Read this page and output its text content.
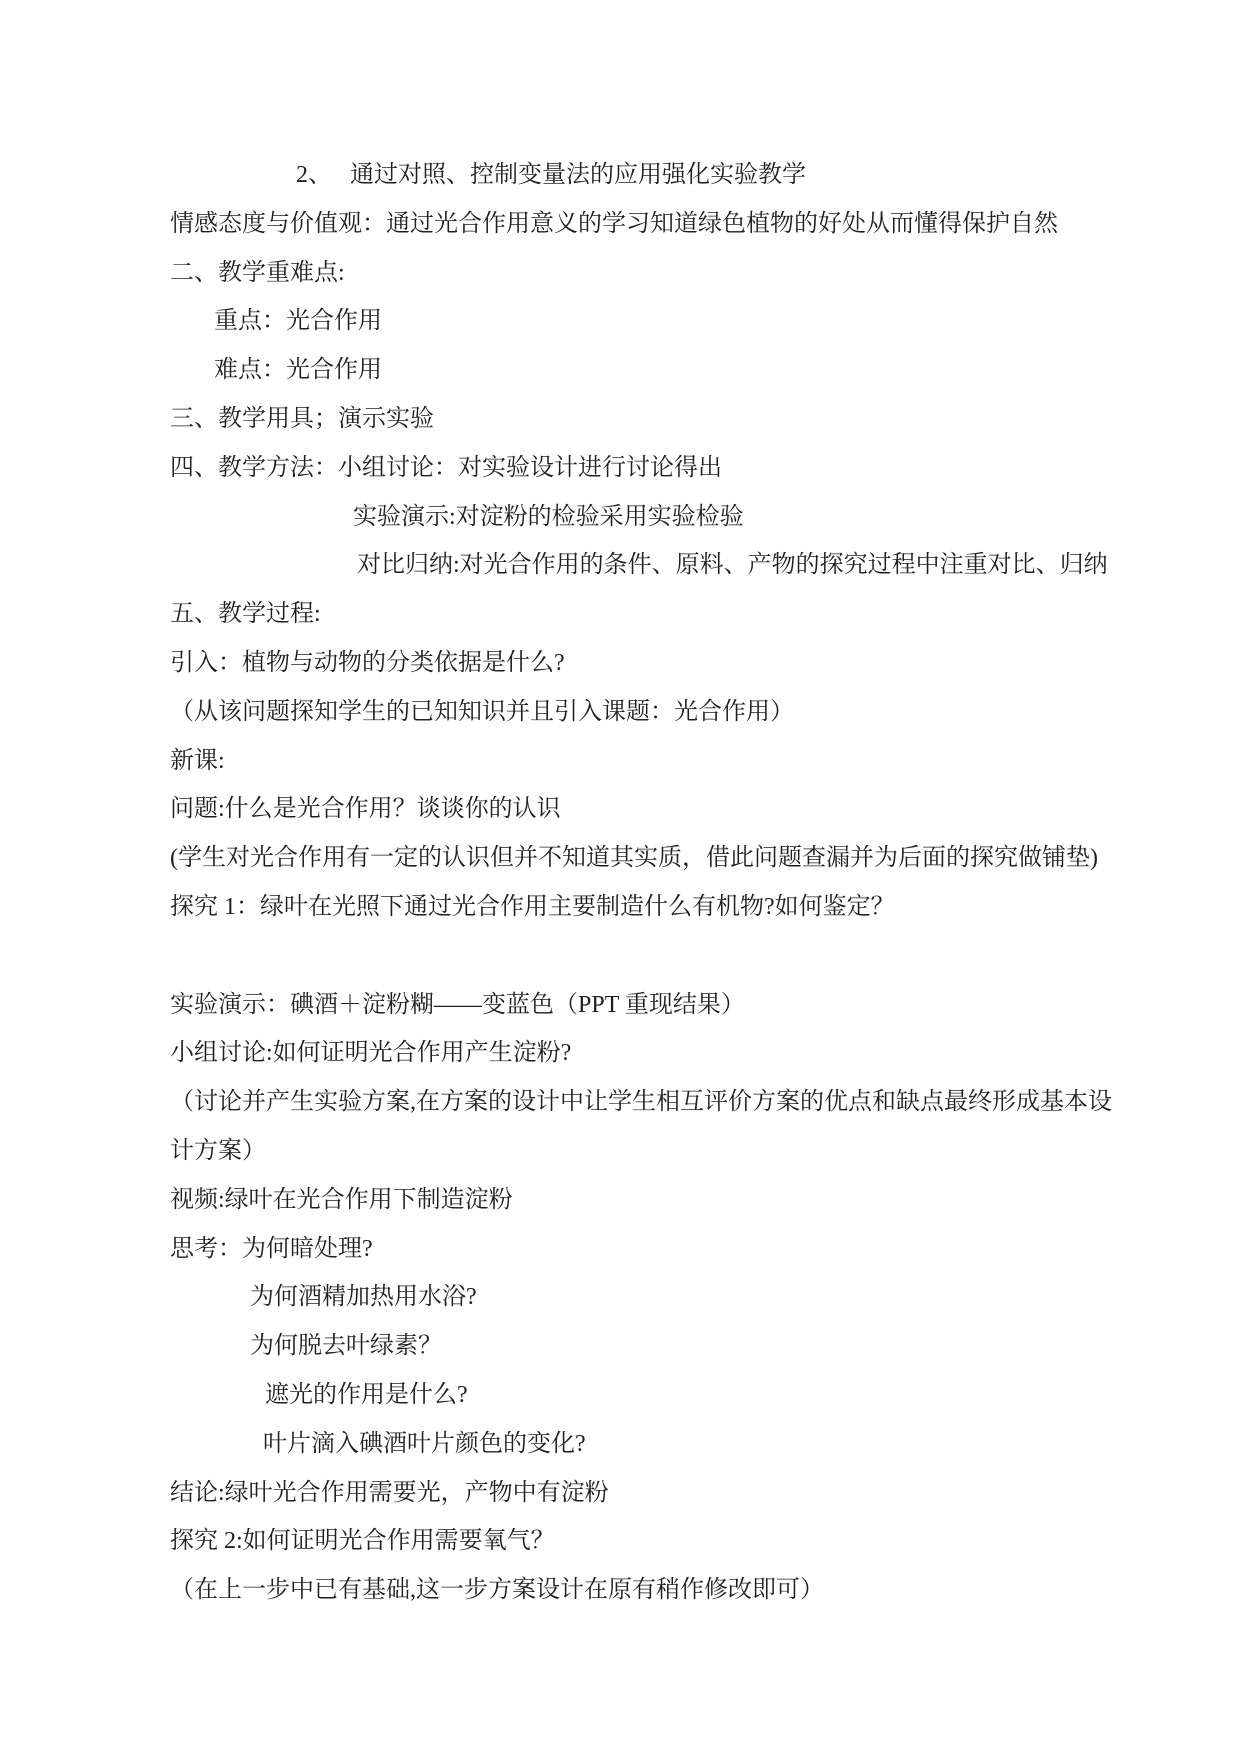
2、   通过对照、控制变量法的应用强化实验教学
情感态度与价值观：通过光合作用意义的学习知道绿色植物的好处从而懂得保护自然
二、教学重难点:
重点：光合作用
难点：光合作用
三、教学用具；演示实验
四、教学方法：小组讨论：对实验设计进行讨论得出
实验演示:对淀粉的检验采用实验检验
对比归纳:对光合作用的条件、原料、产物的探究过程中注重对比、归纳
五、教学过程:
引入：植物与动物的分类依据是什么?
（从该问题探知学生的已知知识并且引入课题：光合作用）
新课:
问题:什么是光合作用？谈谈你的认识
(学生对光合作用有一定的认识但并不知道其实质，借此问题查漏并为后面的探究做铺垫)
探究 1：绿叶在光照下通过光合作用主要制造什么有机物?如何鉴定？
实验演示：碘酒＋淀粉糊——变蓝色（PPT 重现结果）
小组讨论:如何证明光合作用产生淀粉?
（讨论并产生实验方案,在方案的设计中让学生相互评价方案的优点和缺点最终形成基本设
计方案）
视频:绿叶在光合作用下制造淀粉
思考：为何暗处理?
为何酒精加热用水浴?
为何脱去叶绿素？
遮光的作用是什么?
叶片滴入碘酒叶片颜色的变化?
结论:绿叶光合作用需要光，产物中有淀粉
探究 2:如何证明光合作用需要氧气？
（在上一步中已有基础,这一步方案设计在原有稍作修改即可）
